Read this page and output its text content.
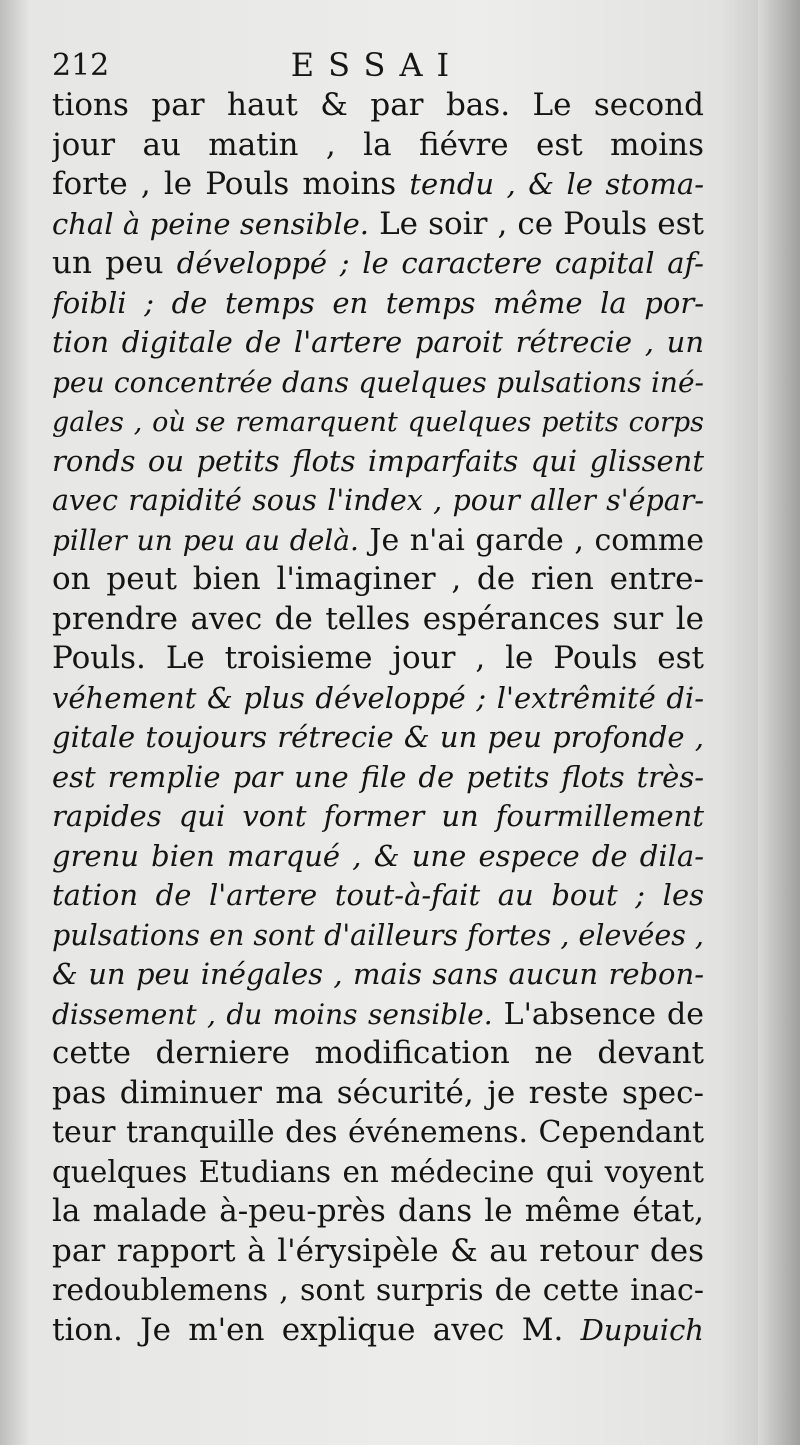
212	ESSAI
tions par haut & par bas. Le second
jour au matin , la fiévre est moins
forte , le Pouls moins tendu , & le stoma-
chal à peine sensible. Le soir , ce Pouls est
un peu développé ; le caractere capital af-
foibli ; de temps en temps même la por-
tion digitale de l'artere paroit rétrecie , un
peu concentrée dans quelques pulsations iné-
gales , où se remarquent quelques petits corps
ronds ou petits flots imparfaits qui glissent
avec rapidité sous l'index , pour aller s'épar-
piller un peu au delà. Je n'ai garde , comme
on peut bien l'imaginer , de rien entre-
prendre avec de telles espérances sur le
Pouls. Le troisieme jour , le Pouls est
véhement & plus développé ; l'extrêmité di-
gitale toujours rétrecie & un peu profonde ,
est remplie par une file de petits flots très-
rapides qui vont former un fourmillement
grenu bien marqué , & une espece de dila-
tation de l'artere tout-à-fait au bout ; les
pulsations en sont d'ailleurs fortes , elevées ,
& un peu inégales , mais sans aucun rebon-
dissement , du moins sensible. L'absence de
cette derniere modification ne devant
pas diminuer ma sécurité, je reste spec-
teur tranquille des événemens. Cependant
quelques Etudians en médecine qui voyent
la malade à-peu-près dans le même état,
par rapport à l'érysipèle & au retour des
redoublemens , sont surpris de cette inac-
tion. Je m'en explique avec M. Dupuich
